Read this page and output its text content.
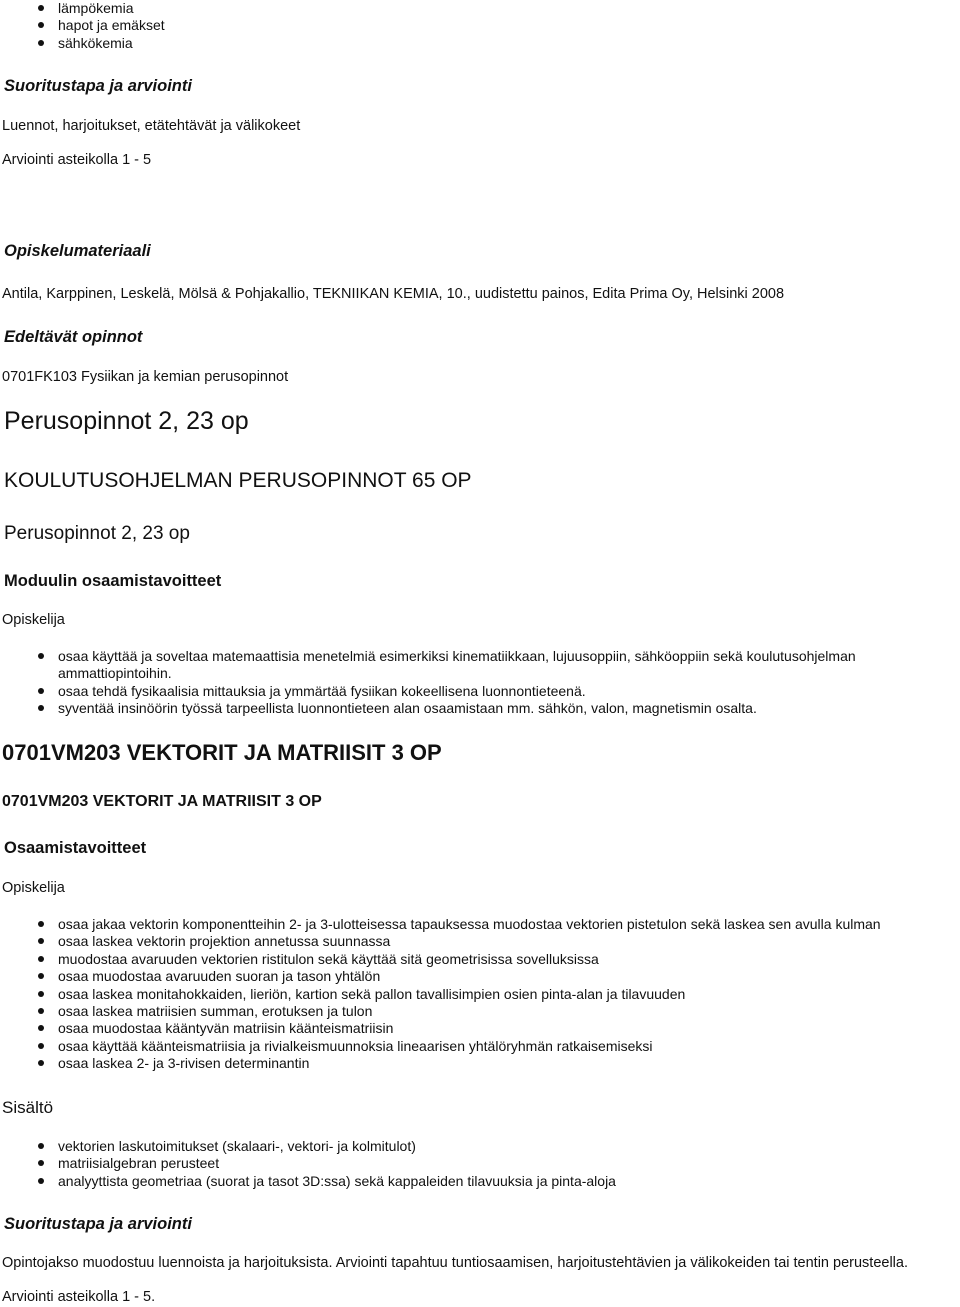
lämpökemia
hapot ja emäkset
sähkökemia
Suoritustapa ja arviointi
Luennot, harjoitukset, etätehtävät ja välikokeet
Arviointi asteikolla 1 - 5
Opiskelumateriaali
Antila, Karppinen, Leskelä, Mölsä & Pohjakallio, TEKNIIKAN KEMIA, 10., uudistettu painos, Edita Prima Oy, Helsinki 2008
Edeltävät opinnot
0701FK103 Fysiikan ja kemian perusopinnot
Perusopinnot 2, 23 op
KOULUTUSOHJELMAN PERUSOPINNOT 65 OP
Perusopinnot 2, 23 op
Moduulin osaamistavoitteet
Opiskelija
osaa käyttää ja soveltaa matemaattisia menetelmiä esimerkiksi kinematiikkaan, lujuusoppiin, sähköoppiin sekä koulutusohjelman ammattiopintoihin.
osaa tehdä fysikaalisia mittauksia ja ymmärtää fysiikan kokeellisena luonnontieteenä.
syventää insinöörin työssä tarpeellista luonnontieteen alan osaamistaan mm. sähkön, valon, magnetismin osalta.
0701VM203 VEKTORIT JA MATRIISIT 3 OP
0701VM203 VEKTORIT JA MATRIISIT 3 OP
Osaamistavoitteet
Opiskelija
osaa jakaa vektorin komponentteihin 2- ja 3-ulotteisessa tapauksessa muodostaa vektorien pistetulon sekä laskea sen avulla kulman
osaa laskea vektorin projektion annetussa suunnassa
muodostaa avaruuden vektorien ristitulon sekä käyttää sitä geometrisissa sovelluksissa
osaa muodostaa avaruuden suoran ja tason yhtälön
osaa laskea monitahokkaiden, lieriön, kartion sekä pallon tavallisimpien osien pinta-alan ja tilavuuden
osaa laskea matriisien summan, erotuksen ja tulon
osaa muodostaa kääntyvän matriisin käänteismatriisin
osaa käyttää käänteismatriisia ja rivialkeismuunnoksia lineaarisen yhtälöryhmän ratkaisemiseksi
osaa laskea 2- ja 3-rivisen determinantin
Sisältö
vektorien laskutoimitukset (skalaari-, vektori- ja kolmitulot)
matriisialgebran perusteet
analyyttista geometriaa (suorat ja tasot 3D:ssa) sekä kappaleiden tilavuuksia ja pinta-aloja
Suoritustapa ja arviointi
Opintojakso muodostuu luennoista ja harjoituksista. Arviointi tapahtuu tuntiosaamisen, harjoitustehtävien ja välikokeiden tai tentin perusteella.
Arviointi asteikolla 1 - 5.
